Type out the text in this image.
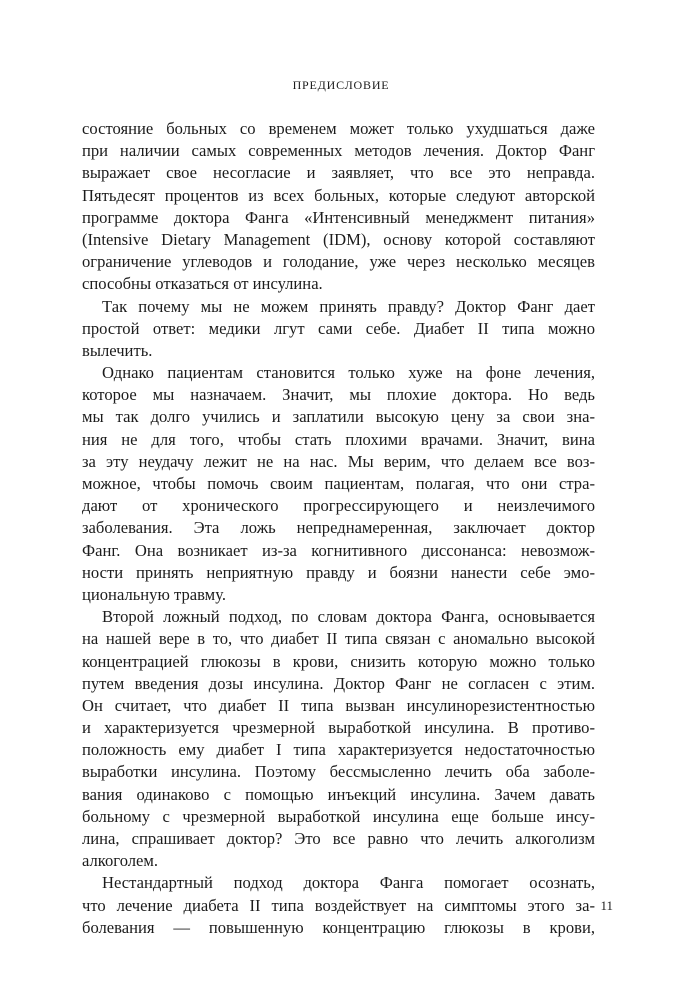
ПРЕДИСЛОВИЕ
состояние больных со временем может только ухудшаться даже
при наличии самых современных методов лечения. Доктор Фанг
выражает свое несогласие и заявляет, что все это неправда.
Пятьдесят процентов из всех больных, которые следуют авторской
программе доктора Фанга «Интенсивный менеджмент питания»
(Intensive Dietary Management (IDM), основу которой составляют
ограничение углеводов и голодание, уже через несколько месяцев
способны отказаться от инсулина.
Так почему мы не можем принять правду? Доктор Фанг дает
простой ответ: медики лгут сами себе. Диабет II типа можно
вылечить.
Однако пациентам становится только хуже на фоне лечения,
которое мы назначаем. Значит, мы плохие доктора. Но ведь
мы так долго учились и заплатили высокую цену за свои зна-
ния не для того, чтобы стать плохими врачами. Значит, вина
за эту неудачу лежит не на нас. Мы верим, что делаем все воз-
можное, чтобы помочь своим пациентам, полагая, что они стра-
дают от хронического прогрессирующего и неизлечимого
заболевания. Эта ложь непреднамеренная, заключает доктор
Фанг. Она возникает из-за когнитивного диссонанса: невозмож-
ности принять неприятную правду и боязни нанести себе эмо-
циональную травму.
Второй ложный подход, по словам доктора Фанга, основывается
на нашей вере в то, что диабет II типа связан с аномально высокой
концентрацией глюкозы в крови, снизить которую можно только
путем введения дозы инсулина. Доктор Фанг не согласен с этим.
Он считает, что диабет II типа вызван инсулинорезистентностью
и характеризуется чрезмерной выработкой инсулина. В противо-
положность ему диабет I типа характеризуется недостаточностью
выработки инсулина. Поэтому бессмысленно лечить оба заболе-
вания одинаково с помощью инъекций инсулина. Зачем давать
больному с чрезмерной выработкой инсулина еще больше инсу-
лина, спрашивает доктор? Это все равно что лечить алкоголизм
алкоголем.
Нестандартный подход доктора Фанга помогает осознать,
что лечение диабета II типа воздействует на симптомы этого за-
болевания — повышенную концентрацию глюкозы в крови,
11
